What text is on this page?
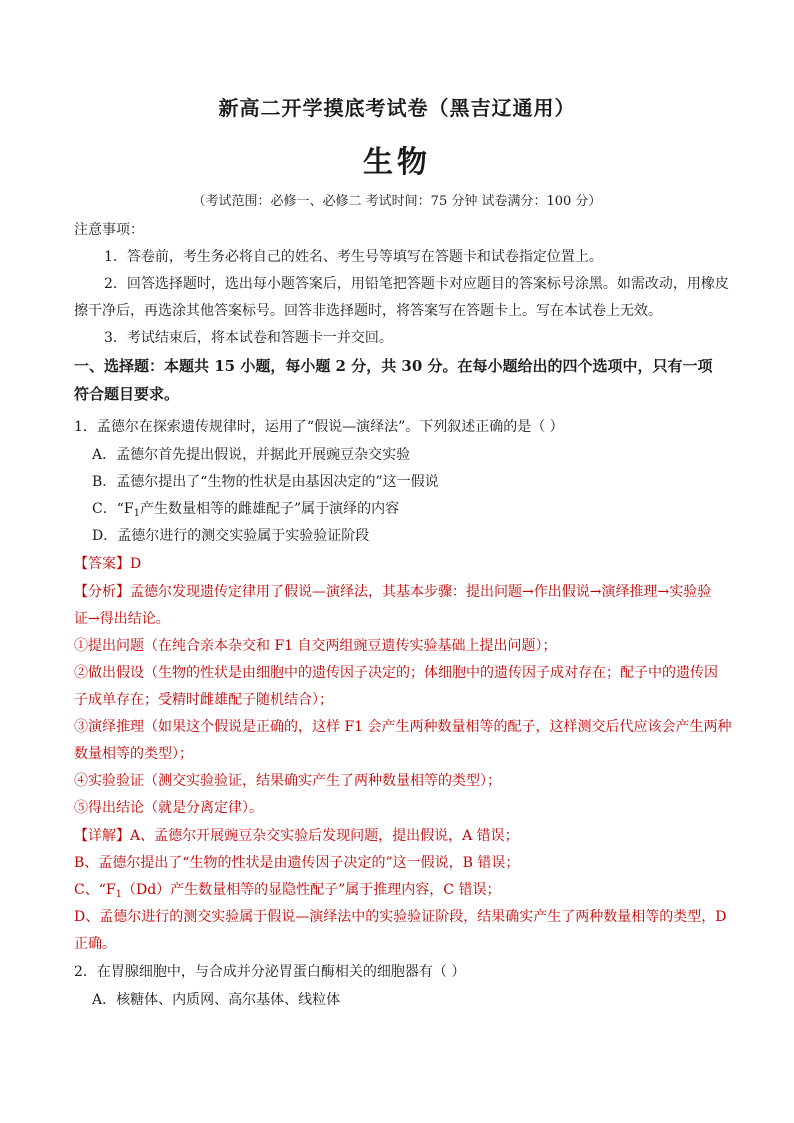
新高二开学摸底考试卷（黑吉辽通用）
生物
（考试范围：必修一、必修二 考试时间：75 分钟 试卷满分：100 分）
注意事项：
1．答卷前，考生务必将自己的姓名、考生号等填写在答题卡和试卷指定位置上。
2．回答选择题时，选出每小题答案后，用铅笔把答题卡对应题目的答案标号涂黑。如需改动，用橡皮
擦干净后，再选涂其他答案标号。回答非选择题时，将答案写在答题卡上。写在本试卷上无效。
3．考试结束后，将本试卷和答题卡一并交回。
一、选择题：本题共 15 小题，每小题 2 分，共 30 分。在每小题给出的四个选项中，只有一项
符合题目要求。
1．孟德尔在探索遗传规律时，运用了“假说—演绎法”。下列叙述正确的是（ ）
A．孟德尔首先提出假说，并据此开展豌豆杂交实验
B．孟德尔提出了“生物的性状是由基因决定的”这一假说
C．“$F_1$产生数量相等的雌雄配子”属于演绎的内容
D．孟德尔进行的测交实验属于实验验证阶段
【答案】D
【分析】孟德尔发现遗传定律用了假说—演绎法，其基本步骤：提出问题→作出假说→演绎推理→实验验
证→得出结论。
①提出问题（在纯合亲本杂交和 F1 自交两组豌豆遗传实验基础上提出问题）；
②做出假设（生物的性状是由细胞中的遗传因子决定的；体细胞中的遗传因子成对存在；配子中的遗传因
子成单存在；受精时雌雄配子随机结合）；
③演绎推理（如果这个假说是正确的，这样 F1 会产生两种数量相等的配子，这样测交后代应该会产生两种
数量相等的类型）；
④实验验证（测交实验验证，结果确实产生了两种数量相等的类型）；
⑤得出结论（就是分离定律）。
【详解】A、孟德尔开展豌豆杂交实验后发现问题，提出假说，A 错误；
B、孟德尔提出了“生物的性状是由遗传因子决定的”这一假说，B 错误；
C、“$F_1(Dd)$产生数量相等的显隐性配子”属于推理内容，C 错误；
D、孟德尔进行的测交实验属于假说—演绎法中的实验验证阶段，结果确实产生了两种数量相等的类型，D
正确。
2．在胃腺细胞中，与合成并分泌胃蛋白酶相关的细胞器有（ ）
A．核糖体、内质网、高尔基体、线粒体
